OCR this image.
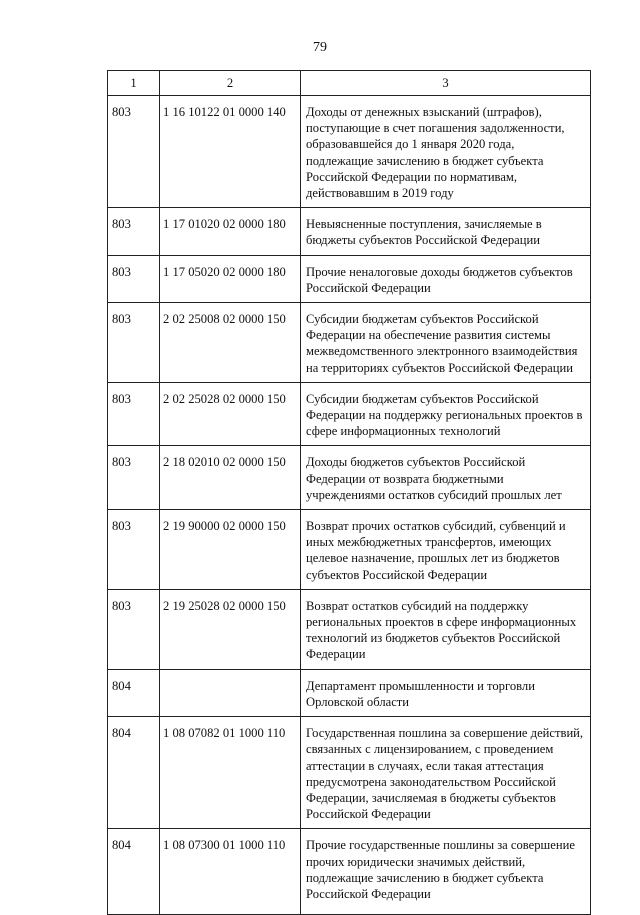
79
1	2	3
803	1 16 10122 01 0000 140	Доходы от денежных взысканий (штрафов), поступающие в счет погашения задолженности, образовавшейся до 1 января 2020 года, подлежащие зачислению в бюджет субъекта Российской Федерации по нормативам, действовавшим в 2019 году
803	1 17 01020 02 0000 180	Невыясненные поступления, зачисляемые в бюджеты субъектов Российской Федерации
803	1 17 05020 02 0000 180	Прочие неналоговые доходы бюджетов субъектов Российской Федерации
803	2 02 25008 02 0000 150	Субсидии бюджетам субъектов Российской Федерации на обеспечение развития системы межведомственного электронного взаимодействия на территориях субъектов Российской Федерации
803	2 02 25028 02 0000 150	Субсидии бюджетам субъектов Российской Федерации на поддержку региональных проектов в сфере информационных технологий
803	2 18 02010 02 0000 150	Доходы бюджетов субъектов Российской Федерации от возврата бюджетными учреждениями остатков субсидий прошлых лет
803	2 19 90000 02 0000 150	Возврат прочих остатков субсидий, субвенций и иных межбюджетных трансфертов, имеющих целевое назначение, прошлых лет из бюджетов субъектов Российской Федерации
803	2 19 25028 02 0000 150	Возврат остатков субсидий на поддержку региональных проектов в сфере информационных технологий из бюджетов субъектов Российской Федерации
804		Департамент промышленности и торговли Орловской области
804	1 08 07082 01 1000 110	Государственная пошлина за совершение действий, связанных с лицензированием, с проведением аттестации в случаях, если такая аттестация предусмотрена законодательством Российской Федерации, зачисляемая в бюджеты субъектов Российской Федерации
804	1 08 07300 01 1000 110	Прочие государственные пошлины за совершение прочих юридически значимых действий, подлежащие зачислению в бюджет субъекта Российской Федерации
